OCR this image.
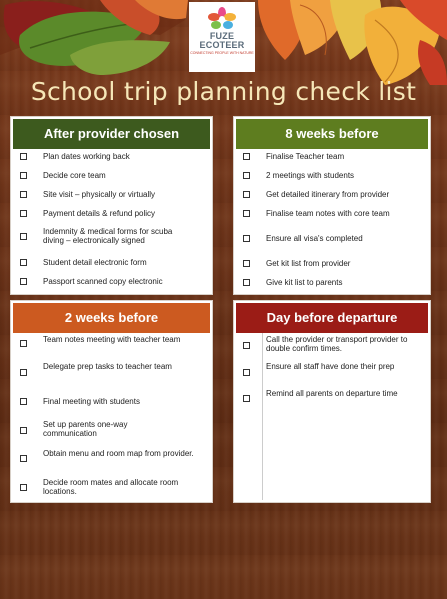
FUZE
ECOTEER
CONNECTING PEOPLE WITH NATURE
School trip planning check list
After provider chosen
Plan dates working back
Decide core team
Site visit – physically or virtually
Payment details & refund policy
Indemnity & medical forms for scuba diving – electronically signed
Student detail electronic form
Passport scanned copy electronic
8 weeks before
Finalise Teacher team
2 meetings with students
Get detailed itinerary from provider
Finalise team notes with core team
Ensure all visa's completed
Get kit list from provider
Give kit list to parents
2 weeks before
Team notes meeting with teacher team
Delegate prep tasks to teacher team
Final meeting with students
Set up parents one-way communication
Obtain menu and room map from provider.
Decide room mates and allocate room locations.
Day before departure
Call the provider or transport provider to double confirm times.
Ensure all staff have done their prep
Remind all parents on departure time
